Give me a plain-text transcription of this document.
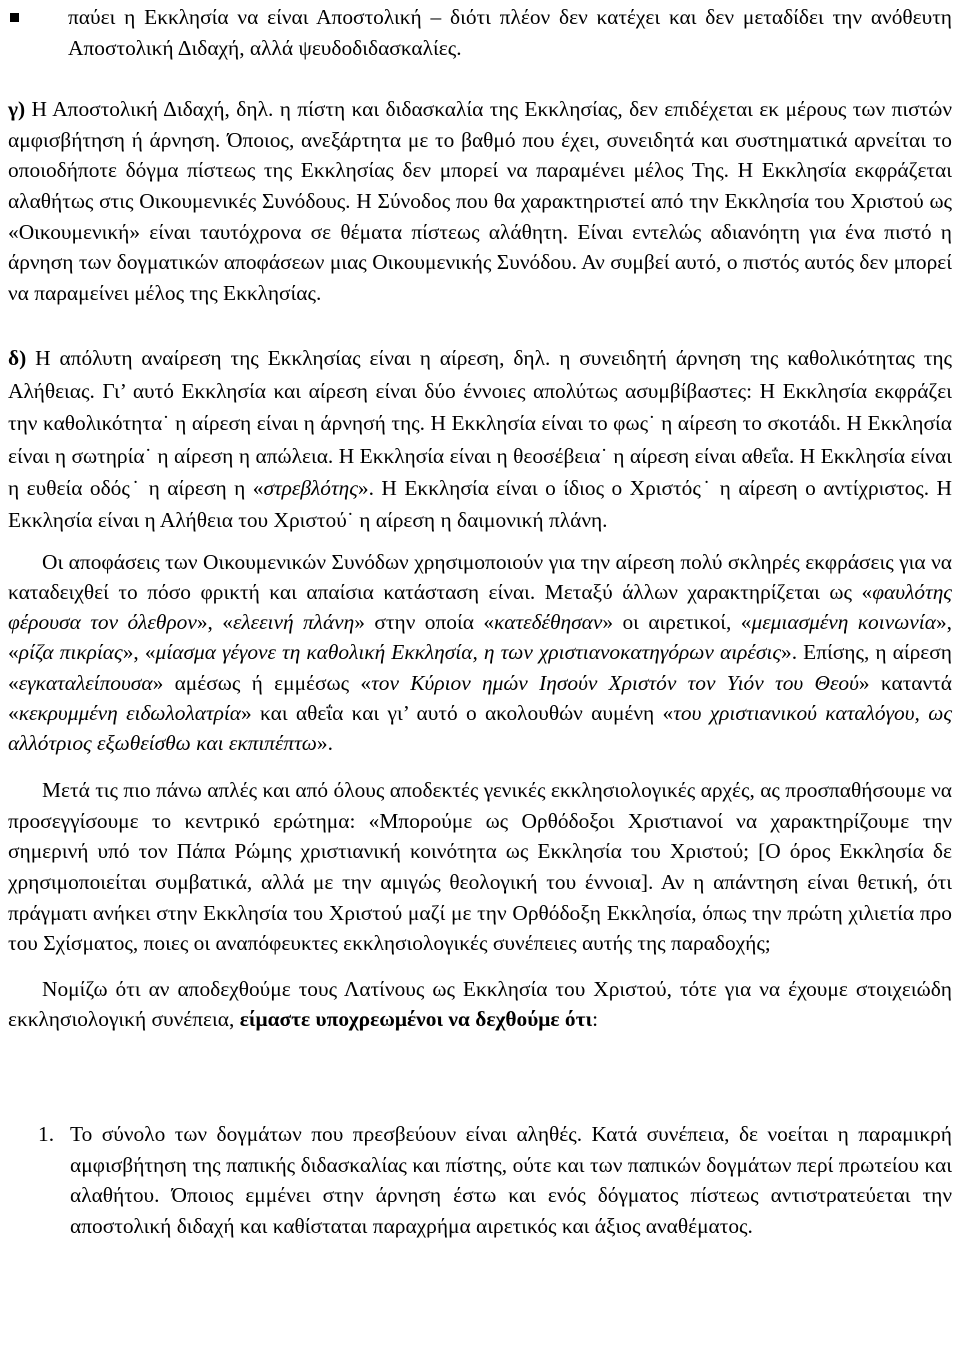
παύει η Εκκλησία να είναι Αποστολική – διότι πλέον δεν κατέχει και δεν μεταδίδει την ανόθευτη Αποστολική Διδαχή, αλλά ψευδοδιδασκαλίες.

γ) Η Αποστολική Διδαχή, δηλ. η πίστη και διδασκαλία της Εκκλησίας, δεν επιδέχεται εκ μέρους των πιστών αμφισβήτηση ή άρνηση. Όποιος, ανεξάρτητα με το βαθμό που έχει, συνειδητά και συστηματικά αρνείται το οποιοδήποτε δόγμα πίστεως της Εκκλησίας δεν μπορεί να παραμένει μέλος Της. Η Εκκλησία εκφράζεται αλαθήτως στις Οικουμενικές Συνόδους. Η Σύνοδος που θα χαρακτηριστεί από την Εκκλησία του Χριστού ως «Οικουμενική» είναι ταυτόχρονα σε θέματα πίστεως αλάθητη. Είναι εντελώς αδιανόητη για ένα πιστό η άρνηση των δογματικών αποφάσεων μιας Οικουμενικής Συνόδου. Αν συμβεί αυτό, ο πιστός αυτός δεν μπορεί να παραμείνει μέλος της Εκκλησίας.

δ) Η απόλυτη αναίρεση της Εκκλησίας είναι η αίρεση, δηλ. η συνειδητή άρνηση της καθολικότητας της Αλήθειας. Γι’ αυτό Εκκλησία και αίρεση είναι δύο έννοιες απολύτως ασυμβίβαστες: Η Εκκλησία εκφράζει την καθολικότητα˙ η αίρεση είναι η άρνησή της. Η Εκκλησία είναι το φως˙ η αίρεση το σκοτάδι. Η Εκκλησία είναι η σωτηρία˙ η αίρεση η απώλεια. Η Εκκλησία είναι η θεοσέβεια˙ η αίρεση είναι αθεΐα. Η Εκκλησία είναι η ευθεία οδός˙ η αίρεση η «στρεβλότης». Η Εκκλησία είναι ο ίδιος ο Χριστός˙ η αίρεση ο αντίχριστος. Η Εκκλησία είναι η Αλήθεια του Χριστού˙ η αίρεση η δαιμονική πλάνη.

Οι αποφάσεις των Οικουμενικών Συνόδων χρησιμοποιούν για την αίρεση πολύ σκληρές εκφράσεις για να καταδειχθεί το πόσο φρικτή και απαίσια κατάσταση είναι. Μεταξύ άλλων χαρακτηρίζεται ως «φαυλότης φέρουσα τον όλεθρον», «ελεεινή πλάνη» στην οποία «κατεδέθησαν» οι αιρετικοί, «μεμιασμένη κοινωνία», «ρίζα πικρίας», «μίασμα γέγονε τη καθολική Εκκλησία, η των χριστιανοκατηγόρων αιρέσις». Επίσης, η αίρεση «εγκαταλείπουσα» αμέσως ή εμμέσως «τον Κύριον ημών Ιησούν Χριστόν τον Υιόν του Θεού» καταντά «κεκρυμμένη ειδωλολατρία» και αθεΐα και γι’ αυτό ο ακολουθών αυμένη «του χριστιανικού καταλόγου, ως αλλότριος εξωθείσθω και εκπιπέπτω».

Μετά τις πιο πάνω απλές και από όλους αποδεκτές γενικές εκκλησιολογικές αρχές, ας προσπαθήσουμε να προσεγγίσουμε το κεντρικό ερώτημα: «Μπορούμε ως Ορθόδοξοι Χριστιανοί να χαρακτηρίζουμε την σημερινή υπό τον Πάπα Ρώμης χριστιανική κοινότητα ως Εκκλησία του Χριστού; [Ο όρος Εκκλησία δε χρησιμοποιείται συμβατικά, αλλά με την αμιγώς θεολογική του έννοια]. Αν η απάντηση είναι θετική, ότι πράγματι ανήκει στην Εκκλησία του Χριστού μαζί με την Ορθόδοξη Εκκλησία, όπως την πρώτη χιλιετία προ του Σχίσματος, ποιες οι αναπόφευκτες εκκλησιολογικές συνέπειες αυτής της παραδοχής;

Νομίζω ότι αν αποδεχθούμε τους Λατίνους ως Εκκλησία του Χριστού, τότε για να έχουμε στοιχειώδη εκκλησιολογική συνέπεια, είμαστε υποχρεωμένοι να δεχθούμε ότι:

1. Το σύνολο των δογμάτων που πρεσβεύουν είναι αληθές. Κατά συνέπεια, δε νοείται η παραμικρή αμφισβήτηση της παπικής διδασκαλίας και πίστης, ούτε και των παπικών δογμάτων περί πρωτείου και αλαθήτου. Όποιος εμμένει στην άρνηση έστω και ενός δόγματος πίστεως αντιστρατεύεται την αποστολική διδαχή και καθίσταται παραχρήμα αιρετικός και άξιος αναθέματος.
